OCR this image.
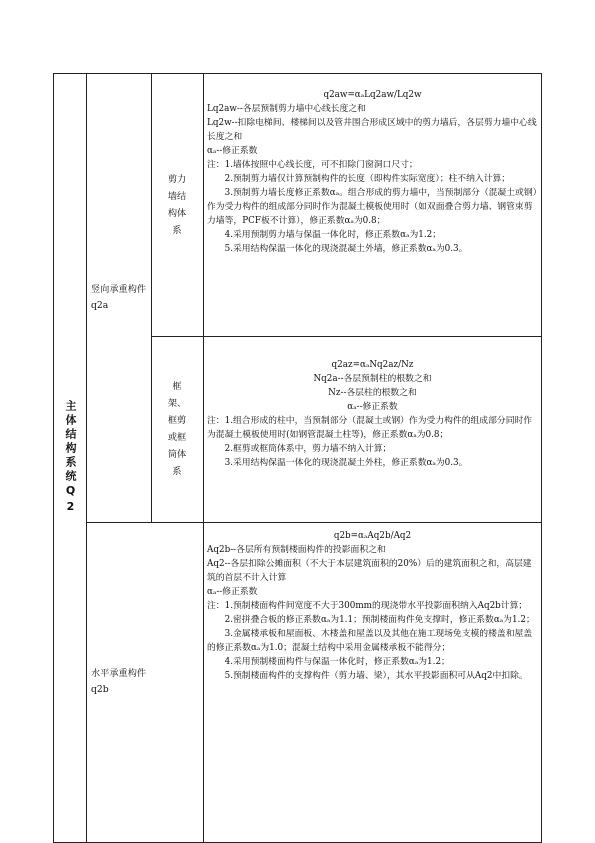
主体结构系统Q2
竖向承重构件 q2a
剪力墙结构体系

q2aw=αₐLq2aw/Lq2w

Lq2aw--各层预制剪力墙中心线长度之和

Lq2w--扣除电梯间、楼梯间以及管井围合形成区域中的剪力墙后，各层剪力墙中心线长度之和

αₐ--修正系数

注：1.墙体按照中心线长度，可不扣除门窗洞口尺寸；

2.预制剪力墙仅计算预制构件的长度（即构件实际宽度）；柱不纳入计算；

3.预制剪力墙长度修正系数αₐ。组合形成的剪力墙中，当预制部分（混凝土或钢）作为受力构件的组成部分同时作为混凝土模板使用时（如双面叠合剪力墙、钢管束剪力墙等，PCF板不计算），修正系数αₐ为0.8；

4.采用预制剪力墙与保温一体化时，修正系数αₐ为1.2；

5.采用结构保温一体化的现浇混凝土外墙，修正系数αₐ为0.3。

框架、框剪或框筒体系

q2az=αₐNq2az/Nz

Nq2a--各层预制柱的根数之和

Nz--各层柱的根数之和

αₐ--修正系数

注：1.组合形成的柱中，当预制部分（混凝土或钢）作为受力构件的组成部分同时作为混凝土模板使用时(如钢管混凝土柱等)，修正系数αₐ为0.8；

2.框剪或框筒体系中，剪力墙不纳入计算；

3.采用结构保温一体化的现浇混凝土外柱，修正系数αₐ为0.3。

水平承重构件 q2b

q2b=αₐAq2b/Aq2

Aq2b--各层所有预制楼面构件的投影面积之和

Aq2--各层扣除公摊面积（不大于本层建筑面积的20%）后的建筑面积之和，高层建筑的首层不计入计算

αₐ--修正系数

注：1.预制楼面构件间宽度不大于300mm的现浇带水平投影面积纳入Aq2b计算；

2.密拼叠合板的修正系数αₐ为1.1；预制楼面构件免支撑时，修正系数αₐ为1.2；

3.金属楼承板和屋面板、木楼盖和屋盖以及其他在施工现场免支模的楼盖和屋盖的修正系数αₐ为1.0；混凝土结构中采用金属楼承板不能得分；

4.采用预制楼面构件与保温一体化时，修正系数αₐ为1.2；

5.预制楼面构件的支撑构件（剪力墙、梁），其水平投影面积可从Aq2中扣除。
